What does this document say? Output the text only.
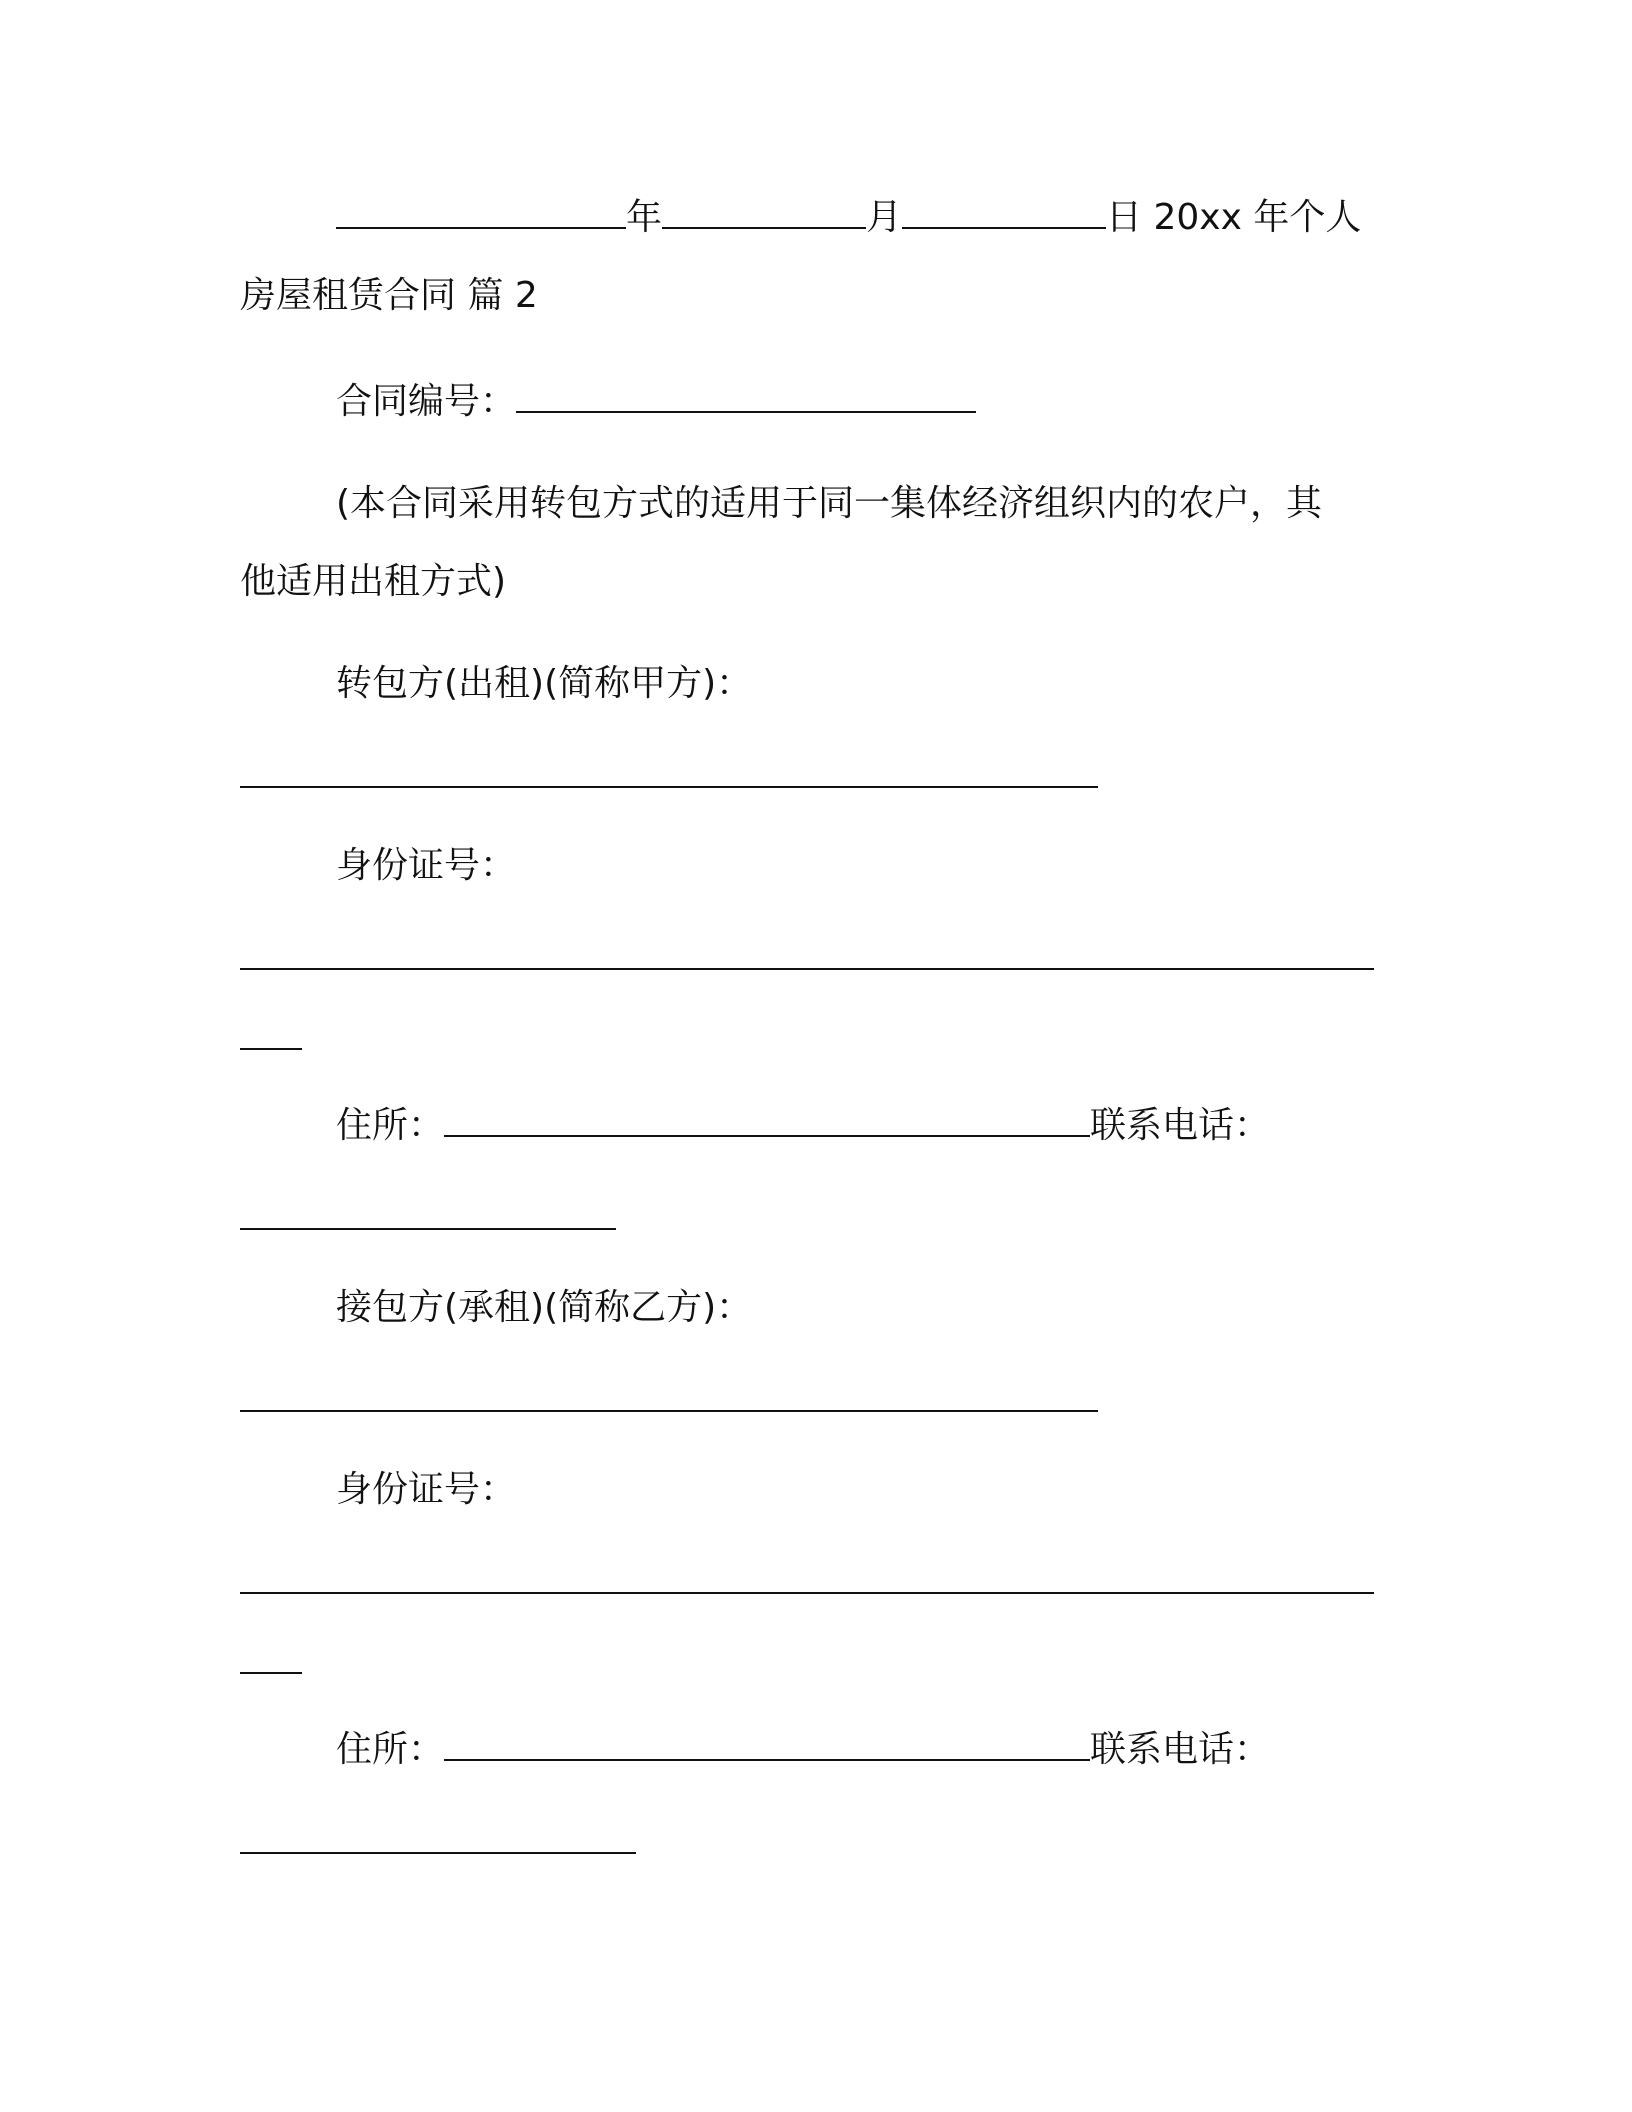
年	月	日 20xx 年个人
房屋租赁合同 篇 2
合同编号：
(本合同采用转包方式的适用于同一集体经济组织内的农户，其
他适用出租方式)
转包方(出租)(简称甲方)：
身份证号：
住所：	联系电话：
接包方(承租)(简称乙方)：
身份证号：
住所：	联系电话：
